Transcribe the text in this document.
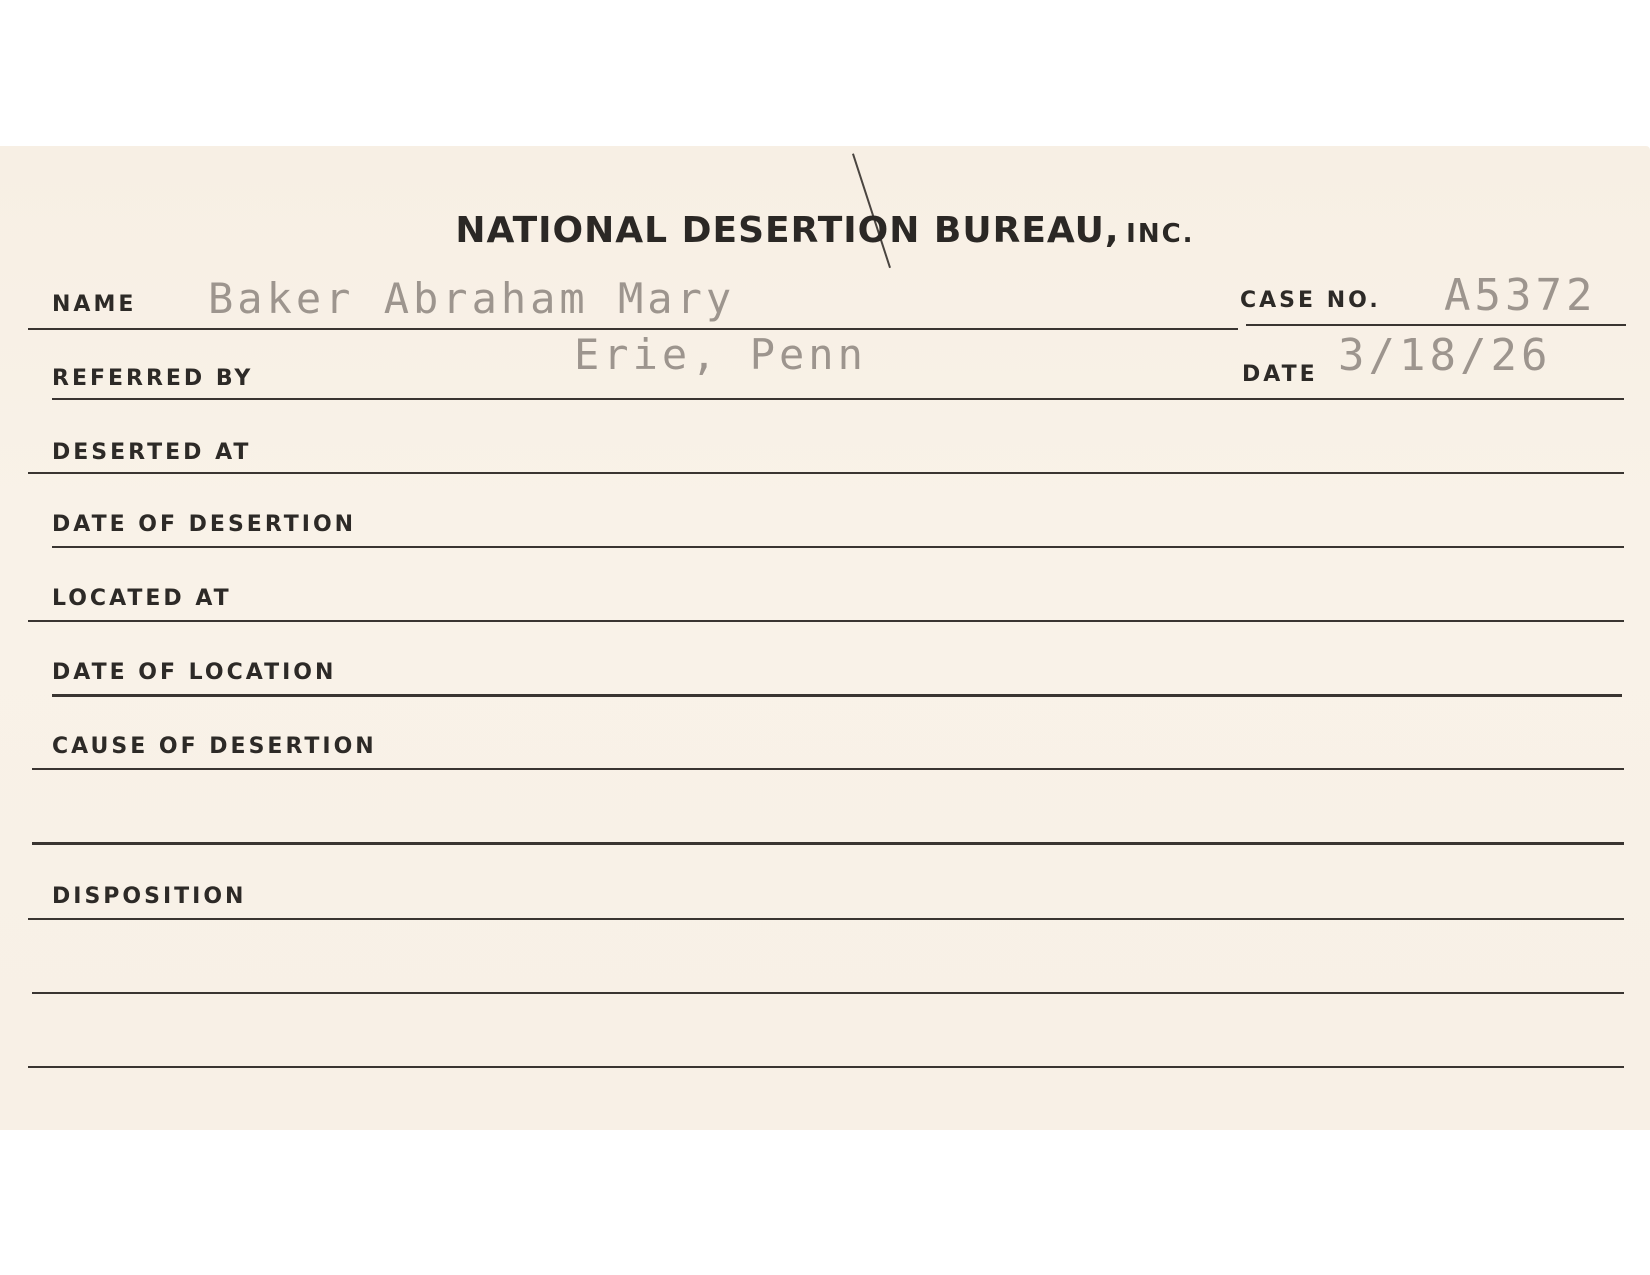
NATIONAL DESERTION BUREAU, INC.
NAME Baker Abraham Mary	CASE NO. A5372
REFERRED BY	Erie, Penn	DATE 3/18/26
DESERTED AT
DATE OF DESERTION
LOCATED AT
DATE OF LOCATION
CAUSE OF DESERTION
DISPOSITION
